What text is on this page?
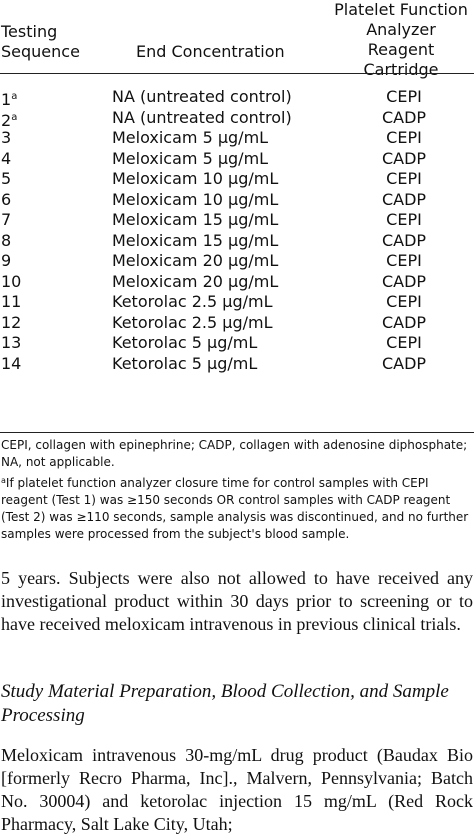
Testing
Sequence	End Concentration
Platelet Function
Analyzer Reagent
Cartridge
1$^a$	NA (untreated control)	CEPI
2$^a$	NA (untreated control)	CADP
3	Meloxicam 5 μg/mL	CEPI
4	Meloxicam 5 μg/mL	CADP
5	Meloxicam 10 μg/mL	CEPI
6	Meloxicam 10 μg/mL	CADP
7	Meloxicam 15 μg/mL	CEPI
8	Meloxicam 15 μg/mL	CADP
9	Meloxicam 20 μg/mL	CEPI
10	Meloxicam 20 μg/mL	CADP
11	Ketorolac 2.5 μg/mL	CEPI
12	Ketorolac 2.5 μg/mL	CADP
13	Ketorolac 5 μg/mL	CEPI
14	Ketorolac 5 μg/mL	CADP

CEPI, collagen with epinephrine; CADP, collagen with adenosine diphosphate; NA, not applicable.

$^a$If platelet function analyzer closure time for control samples with CEPI reagent (Test 1) was ≥150 seconds OR control samples with CADP reagent (Test 2) was ≥110 seconds, sample analysis was discontinued, and no further samples were processed from the subject's blood sample.

5 years. Subjects were also not allowed to have received any investigational product within 30 days prior to screening or to have received meloxicam intravenous in previous clinical trials.
Study Material Preparation, Blood Collection, and Sample Processing
Meloxicam intravenous 30-mg/mL drug product (Baudax Bio [formerly Recro Pharma, Inc]., Malvern, Pennsylvania; Batch No. 30004) and ketorolac injection 15 mg/mL (Red Rock Pharmacy, Salt Lake City, Utah;
